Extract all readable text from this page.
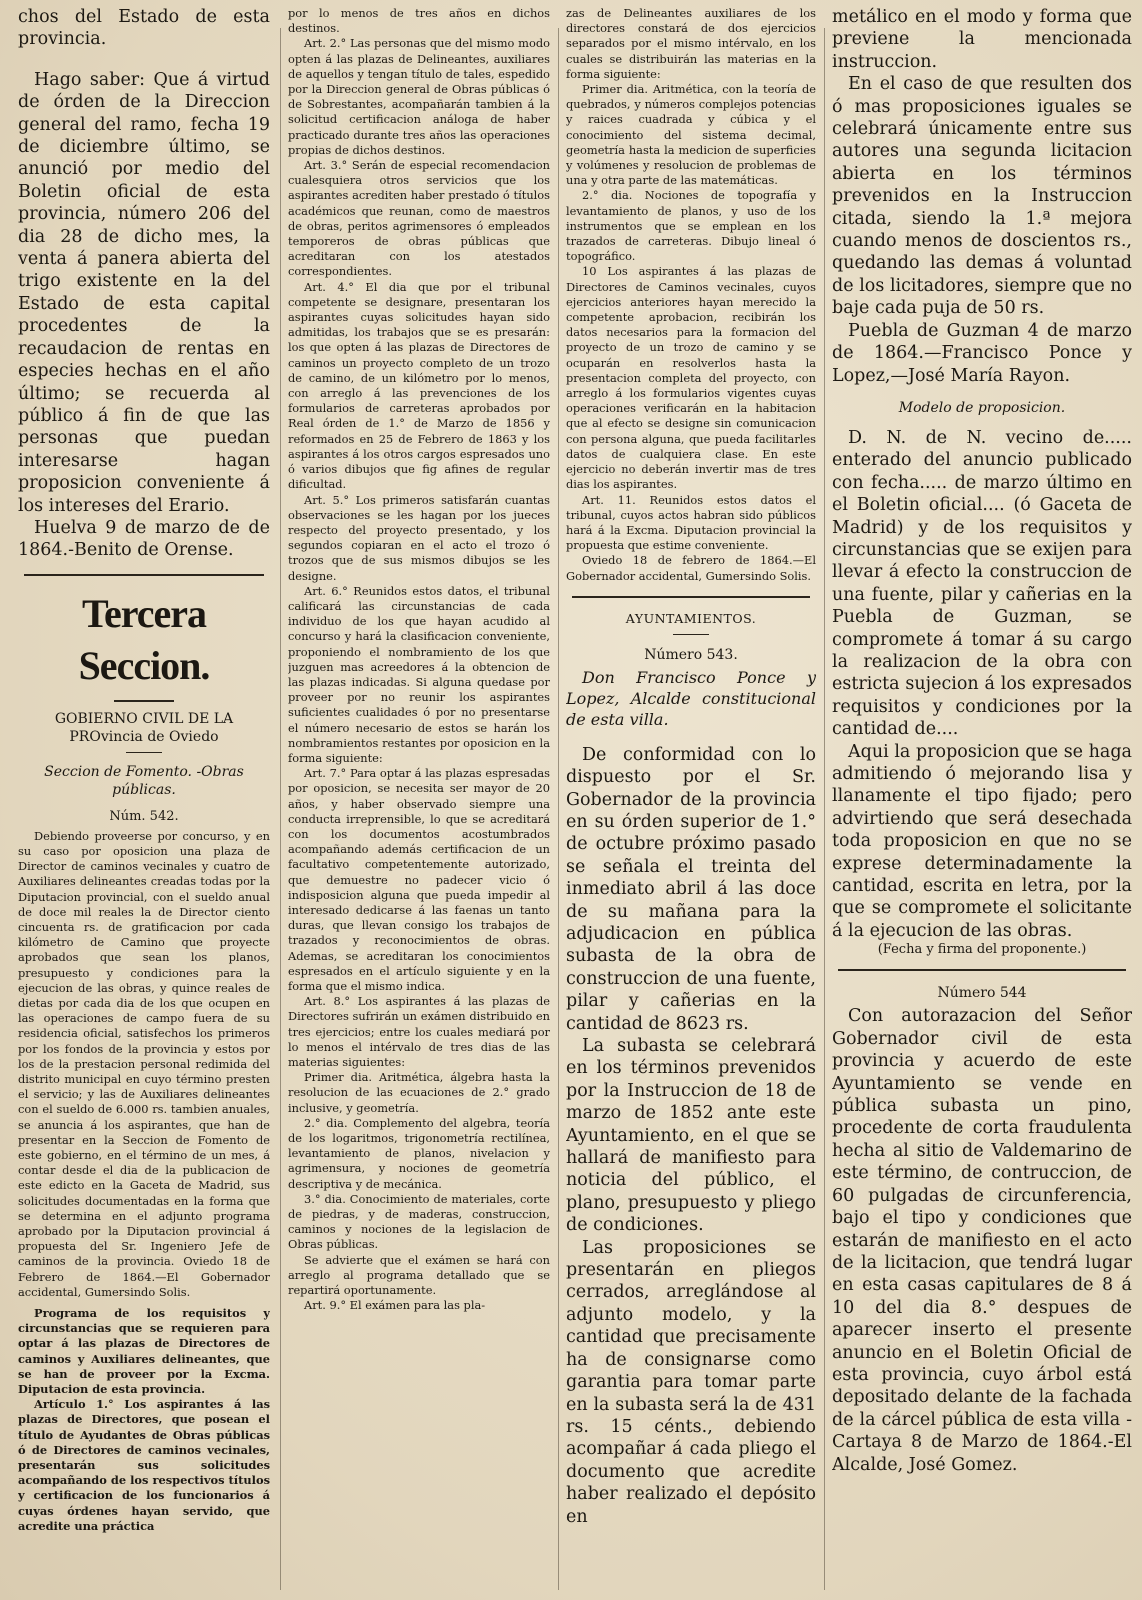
chos del Estado de esta provincia.

Hago saber: Que á virtud de órden de la Direccion general del ramo, fecha 19 de diciembre último, se anunció por medio del Boletin oficial de esta provincia, número 206 del dia 28 de dicho mes, la venta á panera abierta del trigo existente en la del Estado de esta capital procedentes de la recaudacion de rentas en especies hechas en el año último; se recuerda al público á fin de que las personas que puedan interesarse hagan proposicion conveniente á los intereses del Erario.

Huelva 9 de marzo de de 1864.-Benito de Orense.

Tercera Seccion.

GOBIERNO CIVIL DE LA PROvincia de Oviedo

Seccion de Fomento. -Obras públicas.

Núm. 542.

Debiendo proveerse por concurso, y en su caso por oposicion una plaza de Director de caminos vecinales y cuatro de Auxiliares delineantes creadas todas por la Diputacion provincial, con el sueldo anual de doce mil reales la de Director ciento cincuenta rs. de gratificacion por cada kilómetro de Camino que proyecte aprobados que sean los planos, presupuesto y condiciones para la ejecucion de las obras, y quince reales de dietas por cada dia de los que ocupen en las operaciones de campo fuera de su residencia oficial, satisfechos los primeros por los fondos de la provincia y estos por los de la prestacion personal redimida del distrito municipal en cuyo término presten el servicio; y las de Auxiliares delineantes con el sueldo de 6.000 rs. tambien anuales, se anuncia á los aspirantes, que han de presentar en la Seccion de Fomento de este gobierno, en el término de un mes, á contar desde el dia de la publicacion de este edicto en la Gaceta de Madrid, sus solicitudes documentadas en la forma que se determina en el adjunto programa aprobado por la Diputacion provincial á propuesta del Sr. Ingeniero Jefe de caminos de la provincia. Oviedo 18 de Febrero de 1864.—El Gobernador accidental, Gumersindo Solis.

Programa de los requisitos y circunstancias que se requieren para optar á las plazas de Directores de caminos y Auxiliares delineantes, que se han de proveer por la Excma. Diputacion de esta provincia.

Artículo 1.° Los aspirantes á las plazas de Directores, que posean el título de Ayudantes de Obras públicas ó de Directores de caminos vecinales, presentarán sus solicitudes acompañando de los respectivos títulos y certificacion de los funcionarios á cuyas órdenes hayan servido, que acredite una práctica

por lo menos de tres años en dichos destinos.

Art. 2.° Las personas que del mismo modo opten á las plazas de Delineantes, auxiliares de aquellos y tengan título de tales, espedido por la Direccion general de Obras públicas ó de Sobrestantes, acompañarán tambien á la solicitud certificacion análoga de haber practicado durante tres años las operaciones propias de dichos destinos.

Art. 3.° Serán de especial recomendacion cualesquiera otros servicios que los aspirantes acrediten haber prestado ó títulos académicos que reunan, como de maestros de obras, peritos agrimensores ó empleados temporeros de obras públicas que acreditaran con los atestados correspondientes.

Art. 4.° El dia que por el tribunal competente se designare, presentaran los aspirantes cuyas solicitudes hayan sido admitidas, los trabajos que se es presarán: los que opten á las plazas de Directores de caminos un proyecto completo de un trozo de camino, de un kilómetro por lo menos, con arreglo á las prevenciones de los formularios de carreteras aprobados por Real órden de 1.° de Marzo de 1856 y reformados en 25 de Febrero de 1863 y los aspirantes á los otros cargos espresados uno ó varios dibujos que fig afines de regular dificultad.

Art. 5.° Los primeros satisfarán cuantas observaciones se les hagan por los jueces respecto del proyecto presentado, y los segundos copiaran en el acto el trozo ó trozos que de sus mismos dibujos se les designe.

Art. 6.° Reunidos estos datos, el tribunal calificará las circunstancias de cada individuo de los que hayan acudido al concurso y hará la clasificacion conveniente, proponiendo el nombramiento de los que juzguen mas acreedores á la obtencion de las plazas indicadas. Si alguna quedase por proveer por no reunir los aspirantes suficientes cualidades ó por no presentarse el número necesario de estos se harán los nombramientos restantes por oposicion en la forma siguiente:

Art. 7.° Para optar á las plazas espresadas por oposicion, se necesita ser mayor de 20 años, y haber observado siempre una conducta irreprensible, lo que se acreditará con los documentos acostumbrados acompañando además certificacion de un facultativo competentemente autorizado, que demuestre no padecer vicio ó indisposicion alguna que pueda impedir al interesado dedicarse á las faenas un tanto duras, que llevan consigo los trabajos de trazados y reconocimientos de obras. Ademas, se acreditaran los conocimientos espresados en el artículo siguiente y en la forma que el mismo indica.

Art. 8.° Los aspirantes á las plazas de Directores sufrirán un exámen distribuido en tres ejercicios; entre los cuales mediará por lo menos el intérvalo de tres dias de las materias siguientes:

Primer dia. Aritmética, álgebra hasta la resolucion de las ecuaciones de 2.° grado inclusive, y geometría.

2.° dia. Complemento del algebra, teoría de los logaritmos, trigonometría rectilínea, levantamiento de planos, nivelacion y agrimensura, y nociones de geometría descriptiva y de mecánica.

3.° dia. Conocimiento de materiales, corte de piedras, y de maderas, construccion, caminos y nociones de la legislacion de Obras públicas.

Se advierte que el exámen se hará con arreglo al programa detallado que se repartirá oportunamente.

Art. 9.° El exámen para las pla-

zas de Delineantes auxiliares de los directores constará de dos ejercicios separados por el mismo intérvalo, en los cuales se distribuirán las materias en la forma siguiente:

Primer dia. Aritmética, con la teoría de quebrados, y números complejos potencias y raices cuadrada y cúbica y el conocimiento del sistema decimal, geometría hasta la medicion de superficies y volúmenes y resolucion de problemas de una y otra parte de las matemáticas.

2.° dia. Nociones de topografía y levantamiento de planos, y uso de los instrumentos que se emplean en los trazados de carreteras. Dibujo lineal ó topográfico.

10 Los aspirantes á las plazas de Directores de Caminos vecinales, cuyos ejercicios anteriores hayan merecido la competente aprobacion, recibirán los datos necesarios para la formacion del proyecto de un trozo de camino y se ocuparán en resolverlos hasta la presentacion completa del proyecto, con arreglo á los formularios vigentes cuyas operaciones verificarán en la habitacion que al efecto se designe sin comunicacion con persona alguna, que pueda facilitarles datos de cualquiera clase. En este ejercicio no deberán invertir mas de tres dias los aspirantes.

Art. 11. Reunidos estos datos el tribunal, cuyos actos habran sido públicos hará á la Excma. Diputacion provincial la propuesta que estime conveniente.

Oviedo 18 de febrero de 1864.—El Gobernador accidental, Gumersindo Solis.

AYUNTAMIENTOS.

Número 543.

Don Francisco Ponce y Lopez, Alcalde constitucional de esta villa.

De conformidad con lo dispuesto por el Sr. Gobernador de la provincia en su órden superior de 1.° de octubre próximo pasado se señala el treinta del inmediato abril á las doce de su mañana para la adjudicacion en pública subasta de la obra de construccion de una fuente, pilar y cañerias en la cantidad de 8623 rs.

La subasta se celebrará en los términos prevenidos por la Instruccion de 18 de marzo de 1852 ante este Ayuntamiento, en el que se hallará de manifiesto para noticia del público, el plano, presupuesto y pliego de condiciones.

Las proposiciones se presentarán en pliegos cerrados, arreglándose al adjunto modelo, y la cantidad que precisamente ha de consignarse como garantia para tomar parte en la subasta será la de 431 rs. 15 cénts., debiendo acompañar á cada pliego el documento que acredite haber realizado el depósito en

metálico en el modo y forma que previene la mencionada instruccion.

En el caso de que resulten dos ó mas proposiciones iguales se celebrará únicamente entre sus autores una segunda licitacion abierta en los términos prevenidos en la Instruccion citada, siendo la 1.ª mejora cuando menos de doscientos rs., quedando las demas á voluntad de los licitadores, siempre que no baje cada puja de 50 rs.

Puebla de Guzman 4 de marzo de 1864.—Francisco Ponce y Lopez,—José María Rayon.

Modelo de proposicion.

D. N. de N. vecino de..... enterado del anuncio publicado con fecha..... de marzo último en el Boletin oficial.... (ó Gaceta de Madrid) y de los requisitos y circunstancias que se exijen para llevar á efecto la construccion de una fuente, pilar y cañerias en la Puebla de Guzman, se compromete á tomar á su cargo la realizacion de la obra con estricta sujecion á los expresados requisitos y condiciones por la cantidad de....

Aqui la proposicion que se haga admitiendo ó mejorando lisa y llanamente el tipo fijado; pero advirtiendo que será desechada toda proposicion en que no se exprese determinadamente la cantidad, escrita en letra, por la que se compromete el solicitante á la ejecucion de las obras.

(Fecha y firma del proponente.)

Número 544

Con autorazacion del Señor Gobernador civil de esta provincia y acuerdo de este Ayuntamiento se vende en pública subasta un pino, procedente de corta fraudulenta hecha al sitio de Valdemarino de este término, de contruccion, de 60 pulgadas de circunferencia, bajo el tipo y condiciones que estarán de manifiesto en el acto de la licitacion, que tendrá lugar en esta casas capitulares de 8 á 10 del dia 8.° despues de aparecer inserto el presente anuncio en el Boletin Oficial de esta provincia, cuyo árbol está depositado delante de la fachada de la cárcel pública de esta villa -Cartaya 8 de Marzo de 1864.-El Alcalde, José Gomez.
